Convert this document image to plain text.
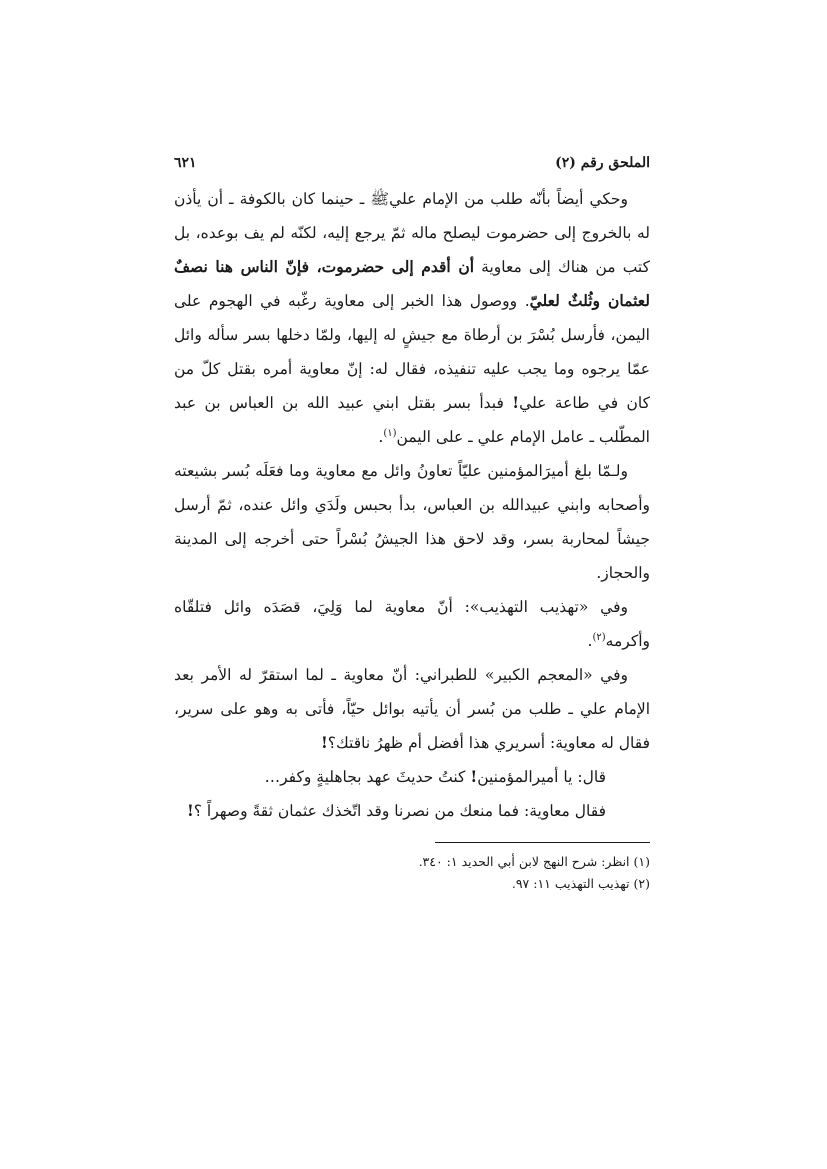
الملحق رقم (٢)
٦٢١

وحكي أيضاً بأنّه طلب من الإمام عليﷺ ـ حينما كان بالكوفة ـ أن يأذن له بالخروج إلى حضرموت ليصلح ماله ثمّ يرجع إليه، لكنّه لم يف بوعده، بل كتب من هناك إلى معاوية أن أقدم إلى حضرموت، فإنّ الناس هنا نصفٌ لعثمان وثُلثٌ لعليّ. ووصول هذا الخبر إلى معاوية رغّبه في الهجوم على اليمن، فأرسل بُسْرَ بن أرطاة مع جيشٍ له إليها، ولمّا دخلها بسر سأله وائل عمّا يرجوه وما يجب عليه تنفيذه، فقال له: إنّ معاوية أمره بقتل كلّ من كان في طاعة علي! فبدأ بسر بقتل ابني عبيد الله بن العباس بن عبد المطّلب ـ عامل الإمام علي ـ على اليمن$^{(١)}$.

ولـمّا بلغ أميرَالمؤمنين عليّاً تعاونُ وائل مع معاوية وما فعَلَه بُسر بشيعته وأصحابه وابني عبيدالله بن العباس، بدأ بحبس ولَدَي وائل عنده، ثمّ أرسل جيشاً لمحاربة بسر، وقد لاحق هذا الجيشُ بُسْراً حتى أخرجه إلى المدينة والحجاز.

وفي «تهذيب التهذيب»: أنّ معاوية لما وَلِيَ، قصَدَه وائل فتلقّاه وأكرمه$^{(٢)}$.

وفي «المعجم الكبير» للطبراني: أنّ معاوية ـ لما استقرّ له الأمر بعد الإمام علي ـ طلب من بُسر أن يأتيه بوائل حيّاً، فأتى به وهو على سرير، فقال له معاوية: أسريري هذا أفضل أم ظهرُ ناقتك؟!

قال: يا أميرالمؤمنين! كنتُ حديثَ عهد بجاهليةٍ وكفر…

فقال معاوية: فما منعك من نصرنا وقد اتّخذك عثمان ثقةً وصهراً ؟!

(١) انظر: شرح النهج لابن أبي الحديد ١: ٣٤٠.

(٢) تهذيب التهذيب ١١: ٩٧.
